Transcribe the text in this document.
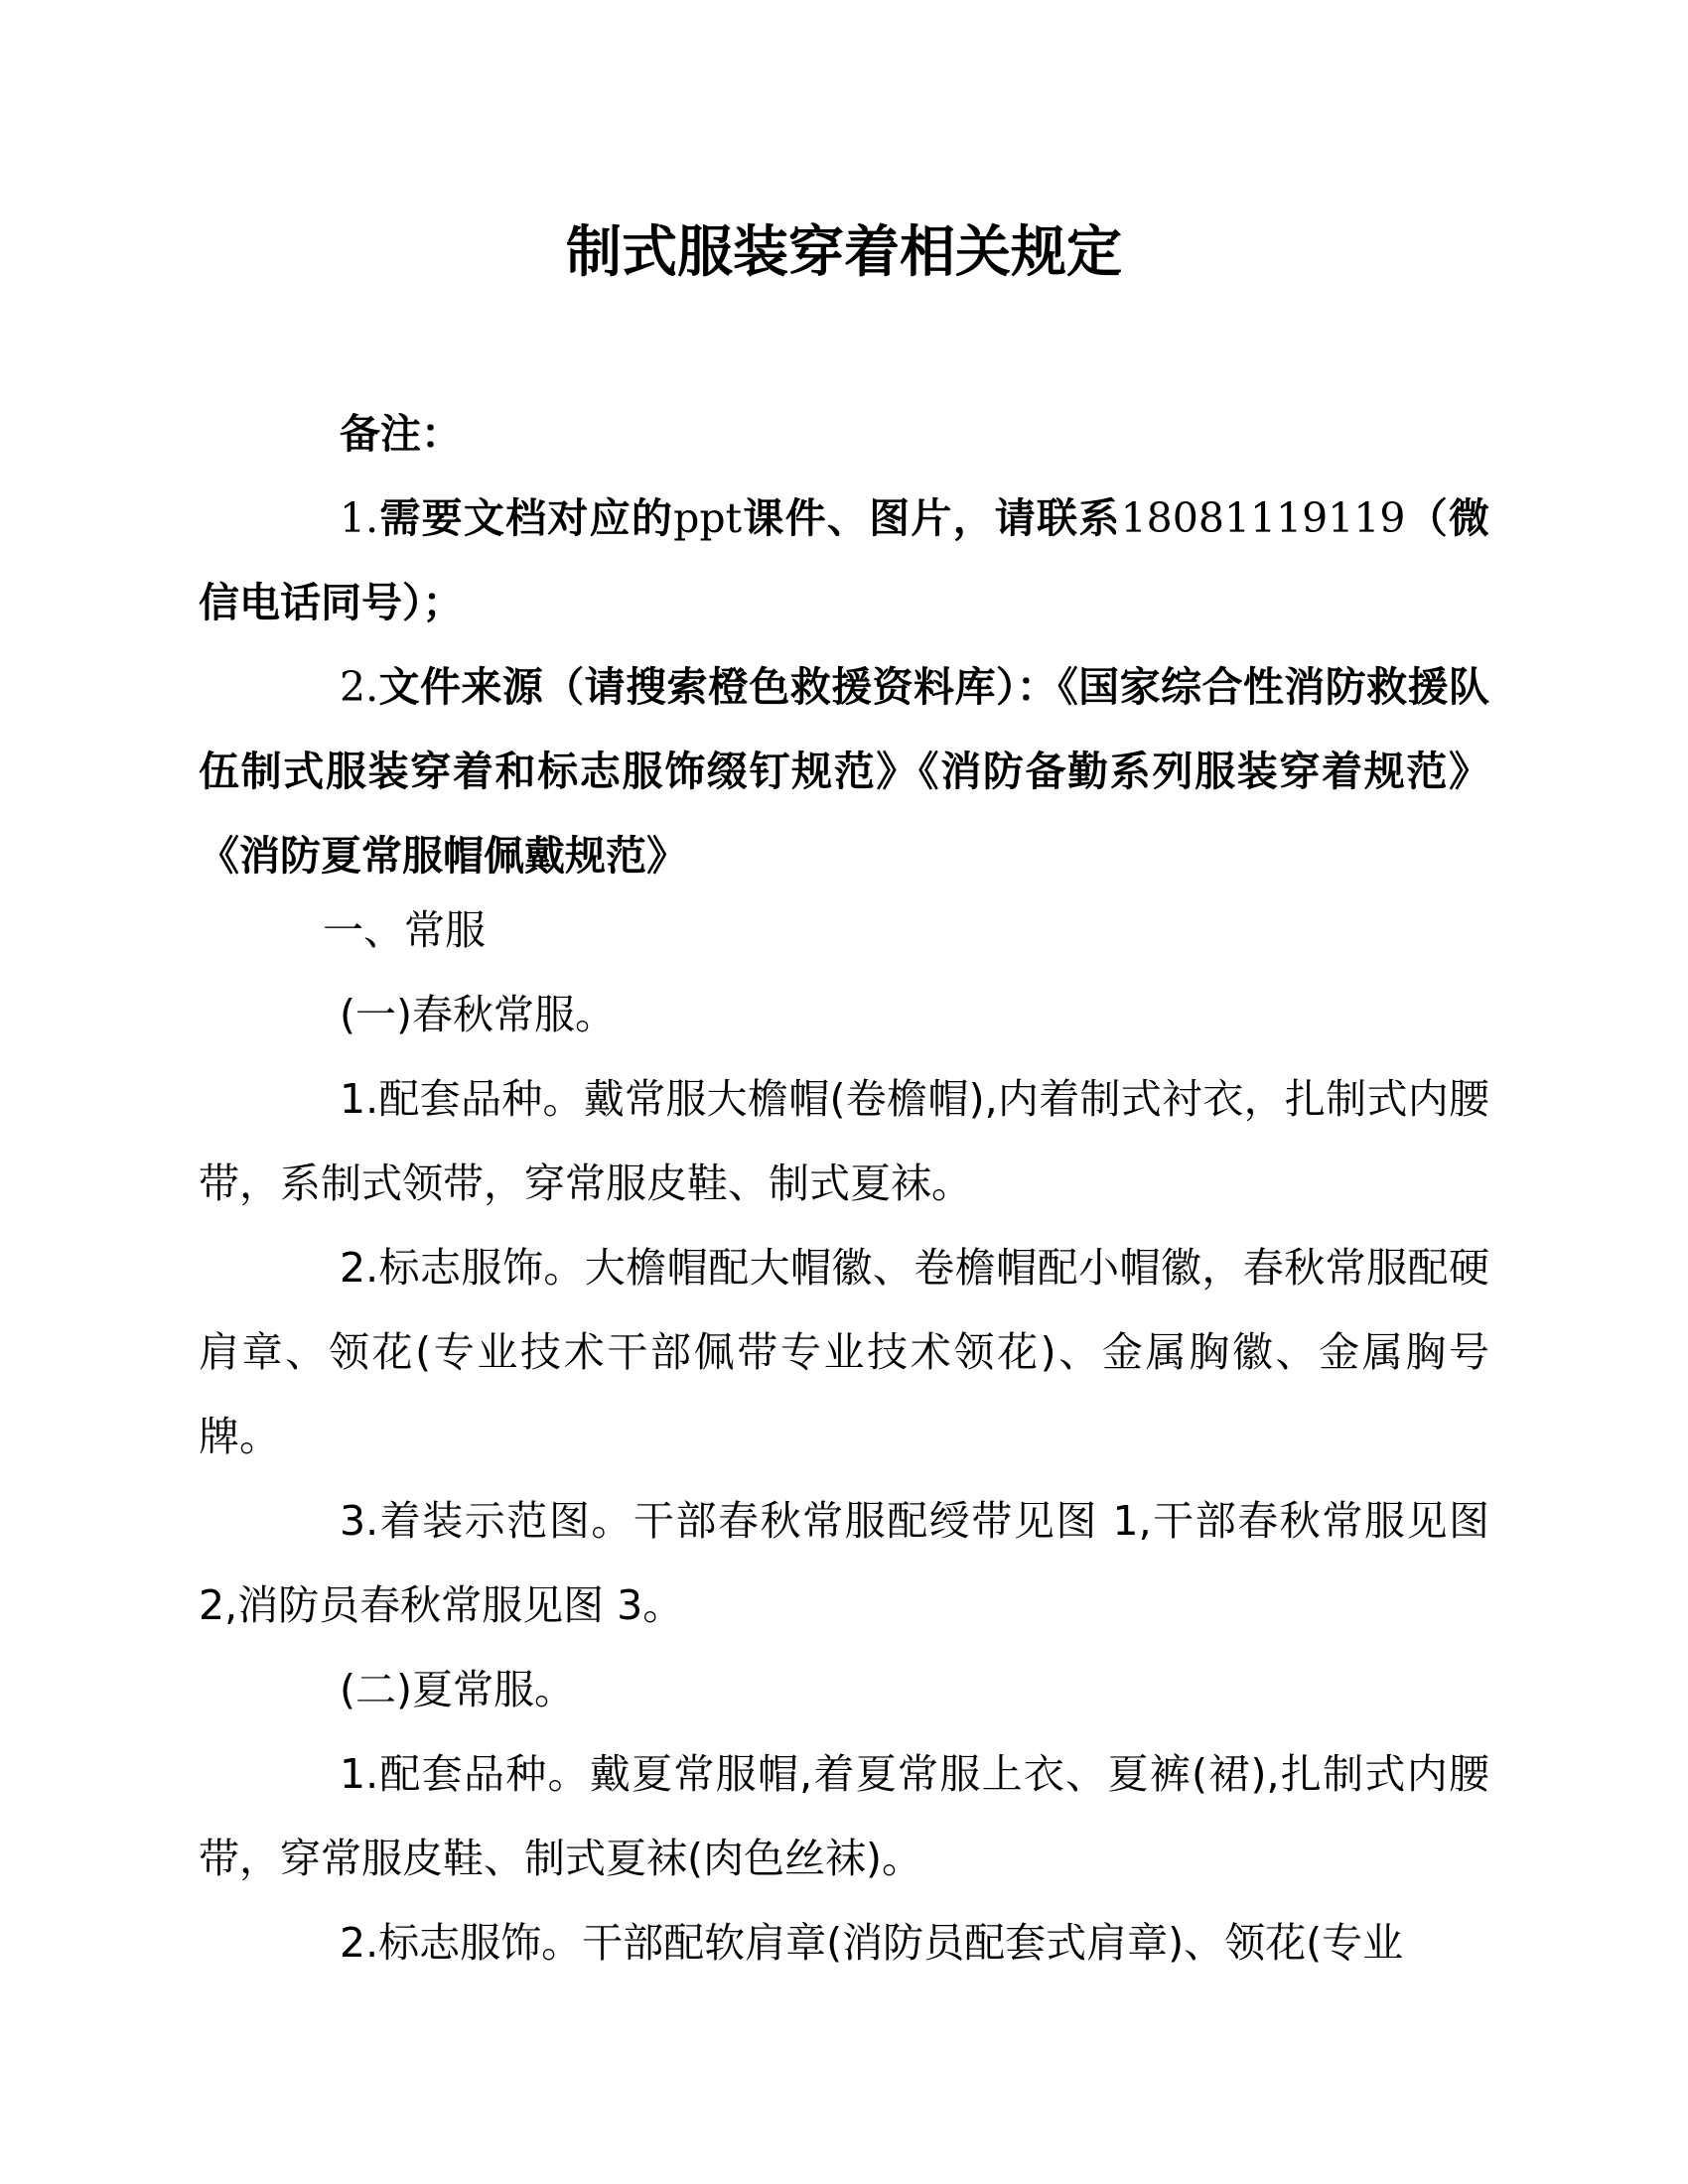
制式服装穿着相关规定

备注：

1.需要文档对应的ppt课件、图片，请联系18081119119（微信电话同号）；

2.文件来源（请搜索橙色救援资料库）：《国家综合性消防救援队伍制式服装穿着和标志服饰缀钉规范》《消防备勤系列服装穿着规范》《消防夏常服帽佩戴规范》

一、常服

(一)春秋常服。

1.配套品种。戴常服大檐帽(卷檐帽),内着制式衬衣，扎制式内腰带，系制式领带，穿常服皮鞋、制式夏袜。

2.标志服饰。大檐帽配大帽徽、卷檐帽配小帽徽，春秋常服配硬肩章、领花(专业技术干部佩带专业技术领花)、金属胸徽、金属胸号牌。

3.着装示范图。干部春秋常服配绶带见图 1,干部春秋常服见图 2,消防员春秋常服见图 3。

(二)夏常服。

1.配套品种。戴夏常服帽,着夏常服上衣、夏裤(裙),扎制式内腰带，穿常服皮鞋、制式夏袜(肉色丝袜)。

2.标志服饰。干部配软肩章(消防员配套式肩章)、领花(专业
